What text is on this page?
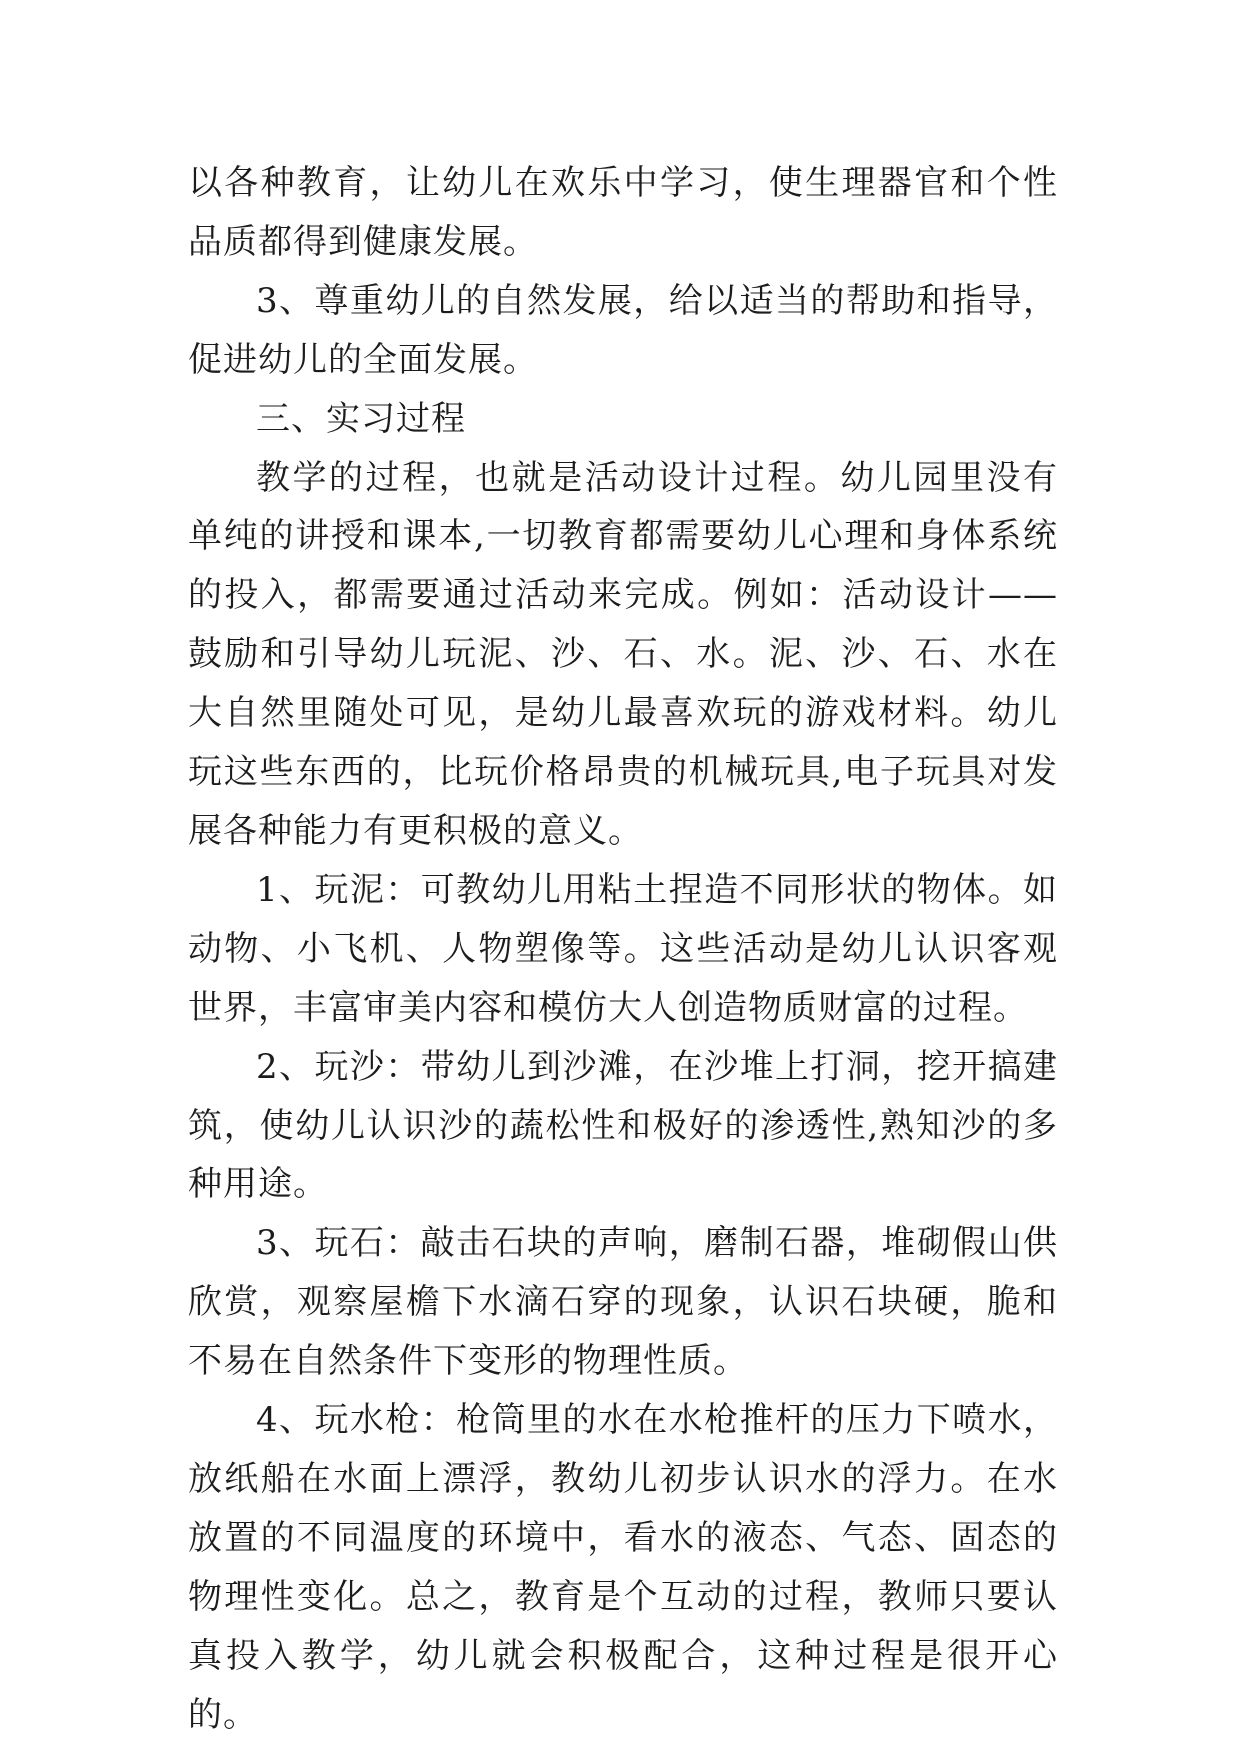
以各种教育，让幼儿在欢乐中学习，使生理器官和个性品质都得到健康发展。

3、尊重幼儿的自然发展，给以适当的帮助和指导，促进幼儿的全面发展。

三、实习过程

教学的过程，也就是活动设计过程。幼儿园里没有单纯的讲授和课本,一切教育都需要幼儿心理和身体系统的投入，都需要通过活动来完成。例如：活动设计——鼓励和引导幼儿玩泥、沙、石、水。泥、沙、石、水在大自然里随处可见，是幼儿最喜欢玩的游戏材料。幼儿玩这些东西的，比玩价格昂贵的机械玩具,电子玩具对发展各种能力有更积极的意义。

1、玩泥：可教幼儿用粘土捏造不同形状的物体。如动物、小飞机、人物塑像等。这些活动是幼儿认识客观世界，丰富审美内容和模仿大人创造物质财富的过程。

2、玩沙：带幼儿到沙滩，在沙堆上打洞，挖开搞建筑，使幼儿认识沙的蔬松性和极好的渗透性,熟知沙的多种用途。

3、玩石：敲击石块的声响，磨制石器，堆砌假山供欣赏，观察屋檐下水滴石穿的现象，认识石块硬，脆和不易在自然条件下变形的物理性质。

4、玩水枪：枪筒里的水在水枪推杆的压力下喷水，放纸船在水面上漂浮，教幼儿初步认识水的浮力。在水放置的不同温度的环境中，看水的液态、气态、固态的物理性变化。总之，教育是个互动的过程，教师只要认真投入教学，幼儿就会积极配合，这种过程是很开心的。
